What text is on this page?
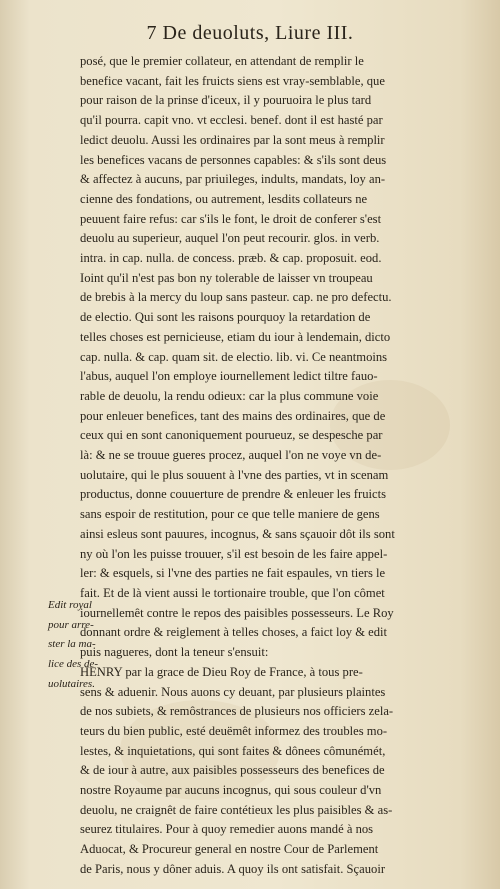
7 De deuoluts, Liure III.
Edit royal
pour arre-
ster la ma-
lice des de-
uolutaires.
posé, que le premier collateur, en attendant de remplir le
benefice vacant, fait les fruicts siens est vray-semblable, que
pour raison de la prinse d'iceux, il y pouruoira le plus tard
qu'il pourra. capit vno. vt ecclesi. benef. dont il est hasté par
ledict deuolu. Aussi les ordinaires par la sont meus à remplir
les benefices vacans de personnes capables: & s'ils sont deus
& affectez à aucuns, par priuileges, indults, mandats, loy an-
cienne des fondations, ou autrement, lesdits collateurs ne
peuuent faire refus: car s'ils le font, le droit de conferer s'est
deuolu au superieur, auquel l'on peut recourir. glos. in verb.
intra. in cap. nulla. de concess. præb. & cap. proposuit. eod.
Ioint qu'il n'est pas bon ny tolerable de laisser vn troupeau
de brebis à la mercy du loup sans pasteur. cap. ne pro defectu.
de electio. Qui sont les raisons pourquoy la retardation de
telles choses est pernicieuse, etiam du iour à lendemain, dicto
cap. nulla. & cap. quam sit. de electio. lib. vi. Ce neantmoins
l'abus, auquel l'on employe iournellement ledict tiltre fauo-
rable de deuolu, la rendu odieux: car la plus commune voie
pour enleuer benefices, tant des mains des ordinaires, que de
ceux qui en sont canoniquement pourueuz, se despesche par
là: & ne se trouue gueres procez, auquel l'on ne voye vn de-
uolutaire, qui le plus souuent à l'vne des parties, vt in scenam
productus, donne couuerture de prendre & enleuer les fruicts
sans espoir de restitution, pour ce que telle maniere de gens
ainsi esleus sont pauures, incognus, & sans sçauoir dôt ils sont
ny où l'on les puisse trouuer, s'il est besoin de les faire appel-
ler: & esquels, si l'vne des parties ne fait espaules, vn tiers le
fait. Et de là vient aussi le tortionaire trouble, que l'on cômet
iournellemêt contre le repos des paisibles possesseurs. Le Roy
donnant ordre & reiglement à telles choses, a faict loy & edit
puis nagueres, dont la teneur s'ensuit:
HENRY par la grace de Dieu Roy de France, à tous pre-
sens & aduenir. Nous auons cy deuant, par plusieurs plaintes
de nos subiets, & remôstrances de plusieurs nos officiers zela-
teurs du bien public, esté deuëmêt informez des troubles mo-
lestes, & inquietations, qui sont faites & dônees cômunémét,
& de iour à autre, aux paisibles possesseurs des benefices de
nostre Royaume par aucuns incognus, qui sous couleur d'vn
deuolu, ne craignêt de faire contétieux les plus paisibles & as-
seurez titulaires. Pour à quoy remedier auons mandé à nos
Aduocat, & Procureur general en nostre Cour de Parlement
de Paris, nous y dôner aduis. A quoy ils ont satisfait. Sçauoir
